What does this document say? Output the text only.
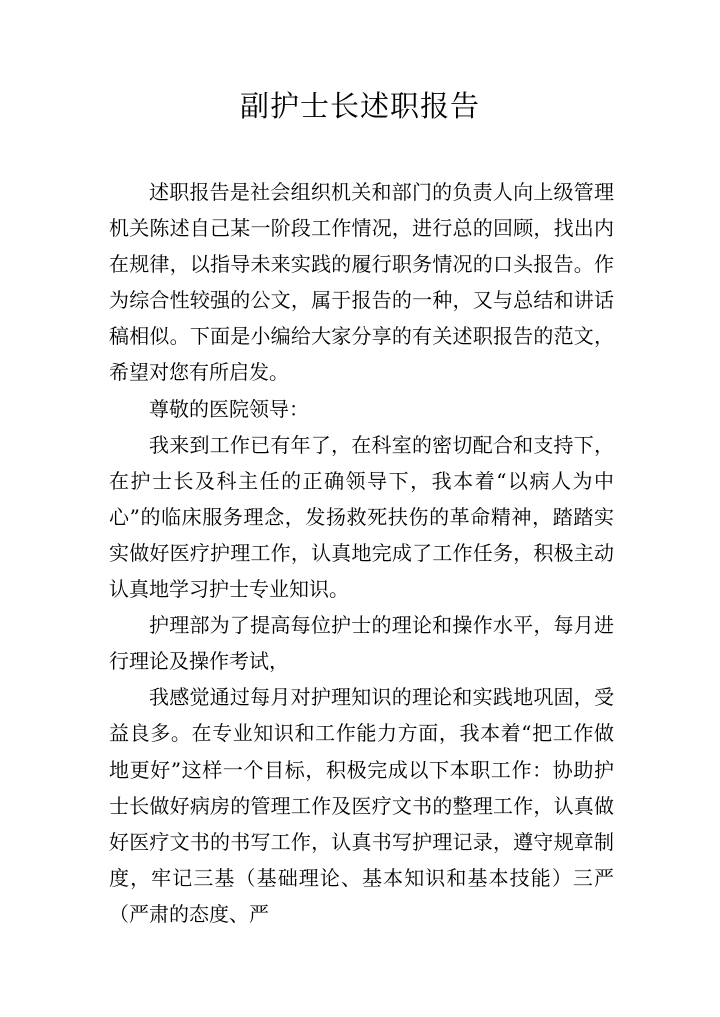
副护士长述职报告

述职报告是社会组织机关和部门的负责人向上级管理机关陈述自己某一阶段工作情况，进行总的回顾，找出内在规律，以指导未来实践的履行职务情况的口头报告。作为综合性较强的公文，属于报告的一种，又与总结和讲话稿相似。下面是小编给大家分享的有关述职报告的范文，希望对您有所启发。

尊敬的医院领导：

我来到工作已有年了，在科室的密切配合和支持下，在护士长及科主任的正确领导下，我本着“以病人为中心”的临床服务理念，发扬救死扶伤的革命精神，踏踏实实做好医疗护理工作，认真地完成了工作任务，积极主动认真地学习护士专业知识。

护理部为了提高每位护士的理论和操作水平，每月进行理论及操作考试，

我感觉通过每月对护理知识的理论和实践地巩固，受益良多。在专业知识和工作能力方面，我本着“把工作做地更好”这样一个目标，积极完成以下本职工作：协助护士长做好病房的管理工作及医疗文书的整理工作，认真做好医疗文书的书写工作，认真书写护理记录，遵守规章制度，牢记三基（基础理论、基本知识和基本技能）三严（严肃的态度、严
